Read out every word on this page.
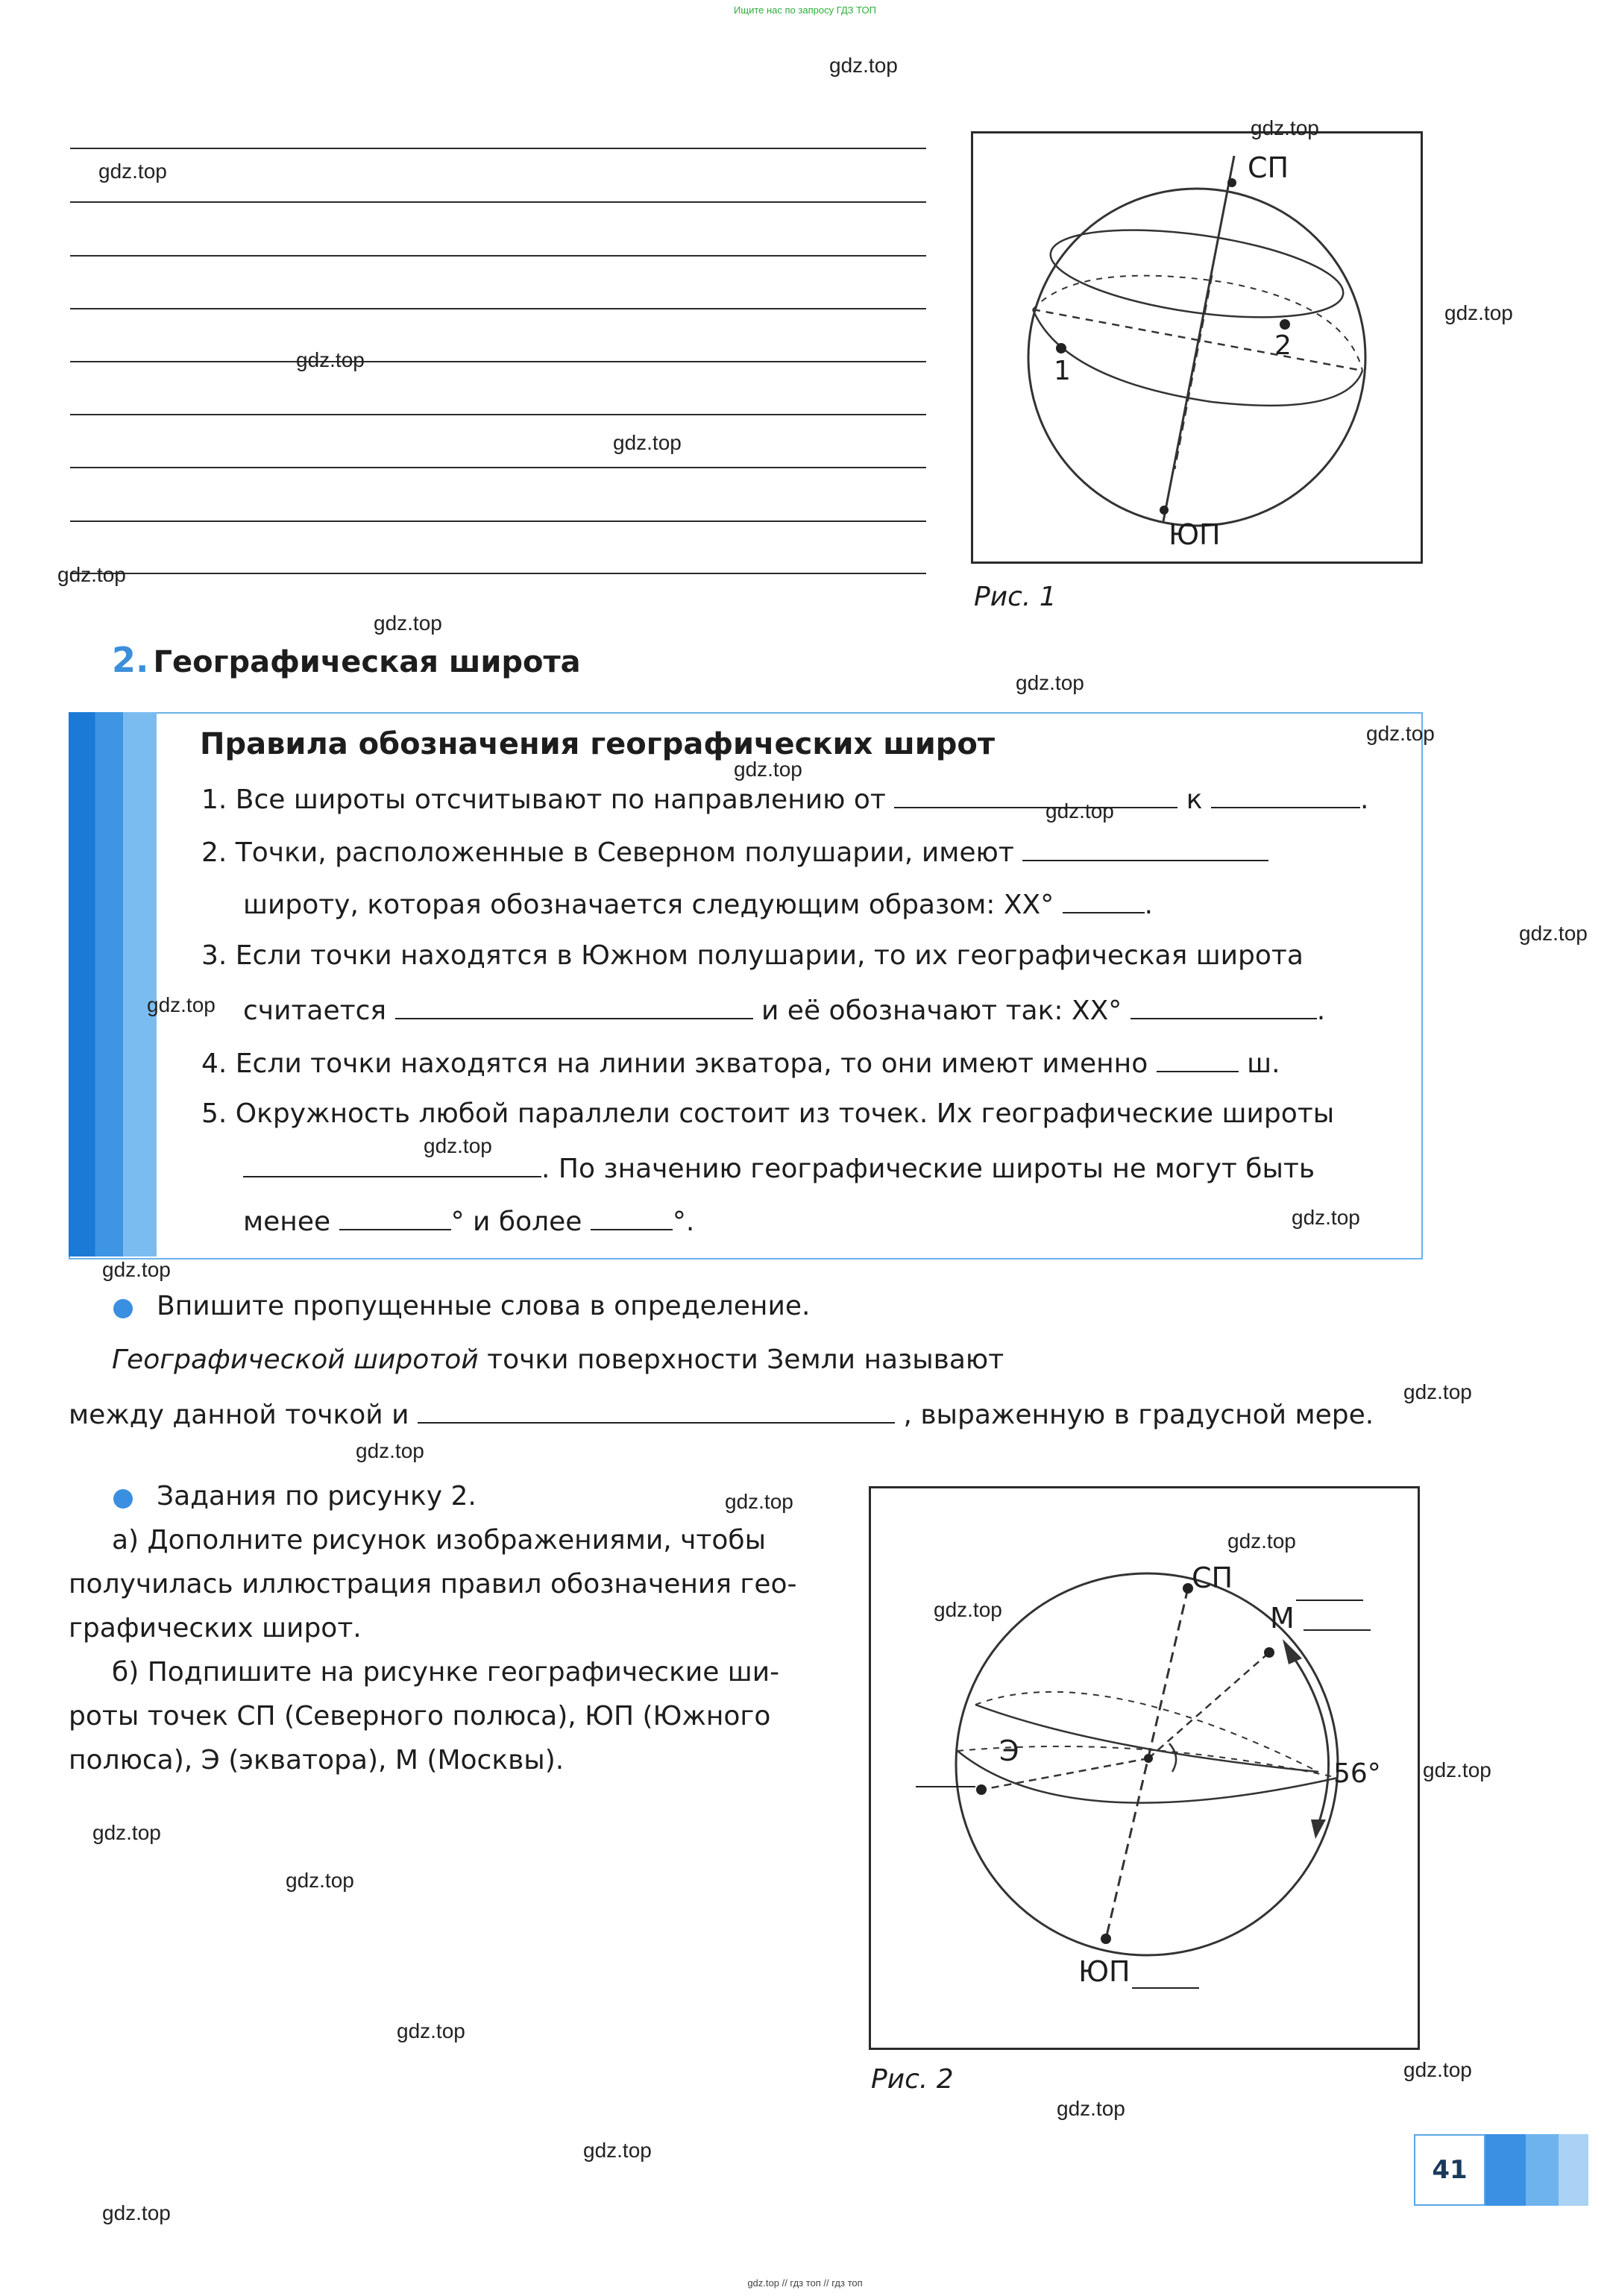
Ищите нас по запросу ГДЗ ТОП
СП
ЮП
1
2
Рис. 1
2. Географическая широта
Правила обозначения географических широт
1. Все широты отсчитывают по направлению от	к	.
2. Точки, расположенные в Северном полушарии, имеют
широту, которая обозначается следующим образом: XX°	.
3. Если точки находятся в Южном полушарии, то их географическая широта
считается	и её обозначают так: XX°	.
4. Если точки находятся на линии экватора, то они имеют именно	ш.
5. Окружность любой параллели состоит из точек. Их географические широты
. По значению географические широты не могут быть
менее	° и более	°.
Впишите пропущенные слова в определение.
Географической широтой точки поверхности Земли называют
между данной точкой и	, выраженную в градусной мере.
Задания по рисунку 2.
а) Дополните рисунок изображениями, чтобы
получилась иллюстрация правил обозначения гео-
графических широт.
б) Подпишите на рисунке географические ши-
роты точек СП (Северного полюса), ЮП (Южного
полюса), Э (экватора), М (Москвы).
СП
М
Э
56°
ЮП
Рис. 2
41
gdz.top
gdz.top
gdz.top
gdz.top
gdz.top
gdz.top
gdz.top
gdz.top
gdz.top
gdz.top
gdz.top
gdz.top
gdz.top
gdz.top
gdz.top
gdz.top
gdz.top
gdz.top
gdz.top
gdz.top
gdz.top
gdz.top
gdz.top
gdz.top
gdz.top
gdz.top
gdz.top
gdz.top
gdz.top
gdz.top
gdz.top // гдз топ // гдз топ
